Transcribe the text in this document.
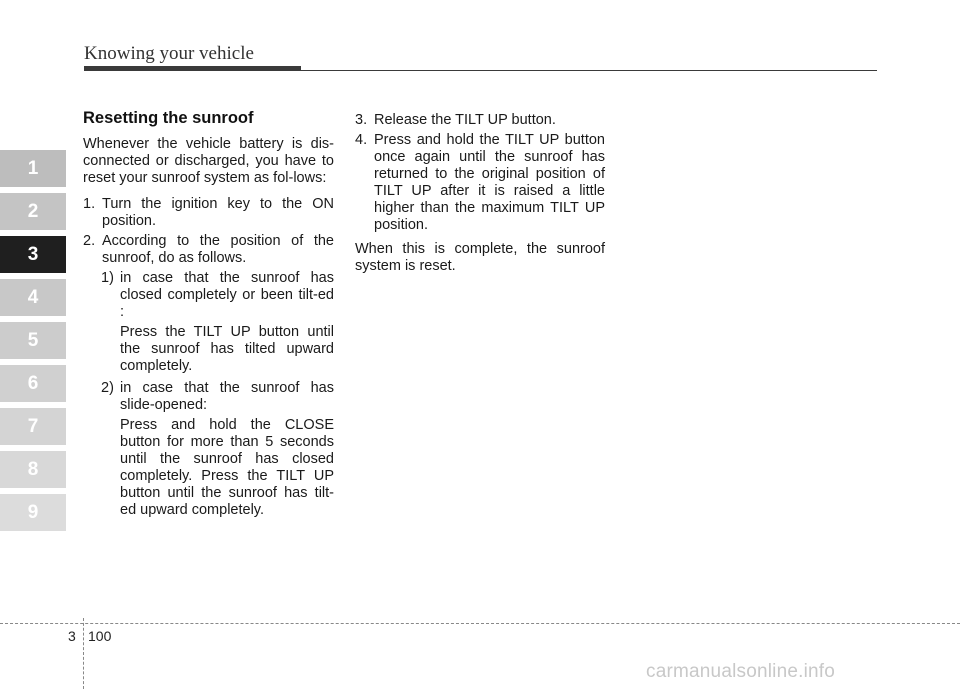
Knowing your vehicle
1
2
3
4
5
6
7
8
9
Resetting the sunroof
Whenever the vehicle battery is dis-connected or discharged, you have to reset your sunroof system as fol-lows:
1. Turn the ignition key to the ON position.
2. According to the position of the sunroof, do as follows.
1) in case that the sunroof has closed completely or been tilt-ed :
Press the TILT UP button until the sunroof has tilted upward completely.
2) in case that the sunroof has slide-opened:
Press and hold the CLOSE button for more than 5 seconds until the sunroof has closed completely. Press the TILT UP button until the sunroof has tilt-ed upward completely.
3. Release the TILT UP button.
4. Press and hold the TILT UP button once again until the sunroof has returned to the original position of TILT UP after it is raised a little higher than the maximum TILT UP position.
When this is complete, the sunroof system is reset.
3 100
carmanualsonline.info
